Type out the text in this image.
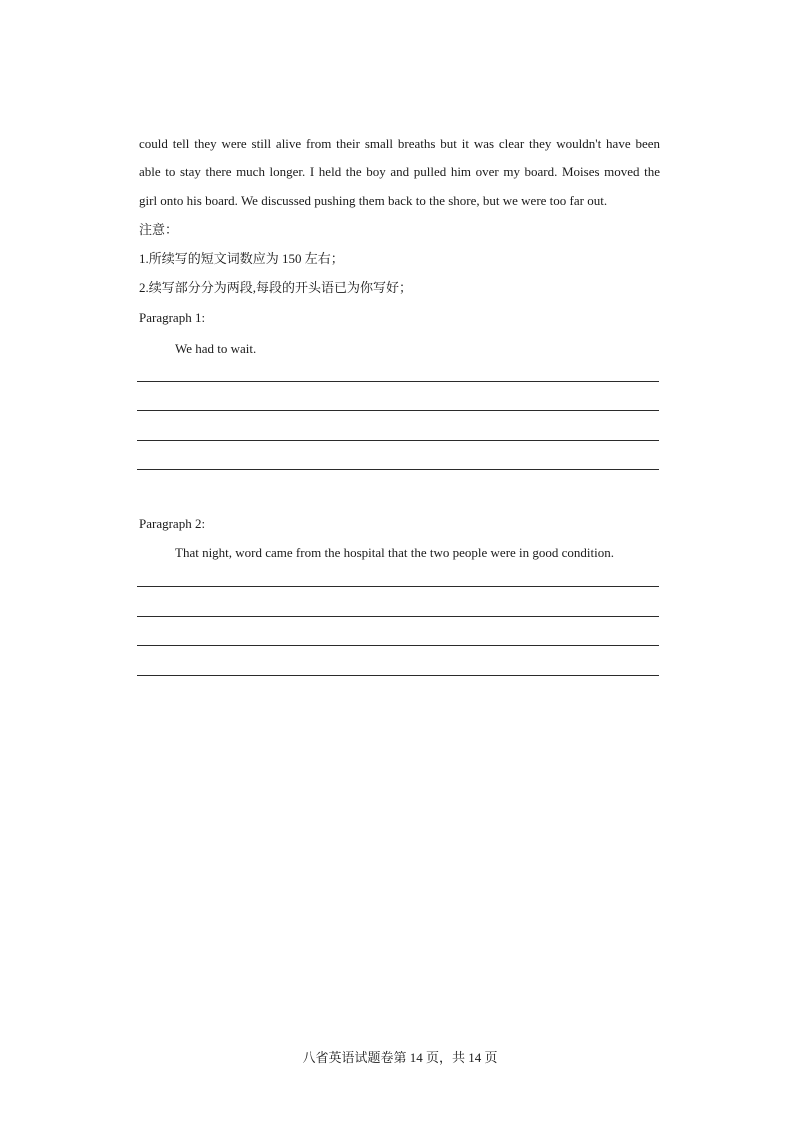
could tell they were still alive from their small breaths but it was clear they wouldn't have been
able to stay there much longer. I held the boy and pulled him over my board. Moises moved the
girl onto his board. We discussed pushing them back to the shore, but we were too far out.
注意：
1.所续写的短文词数应为 150 左右；
2.续写部分分为两段,每段的开头语已为你写好；
Paragraph 1:
We had to wait.
Paragraph 2:
That night, word came from the hospital that the two people were in good condition.
八省英语试题卷第 14 页，共 14 页
